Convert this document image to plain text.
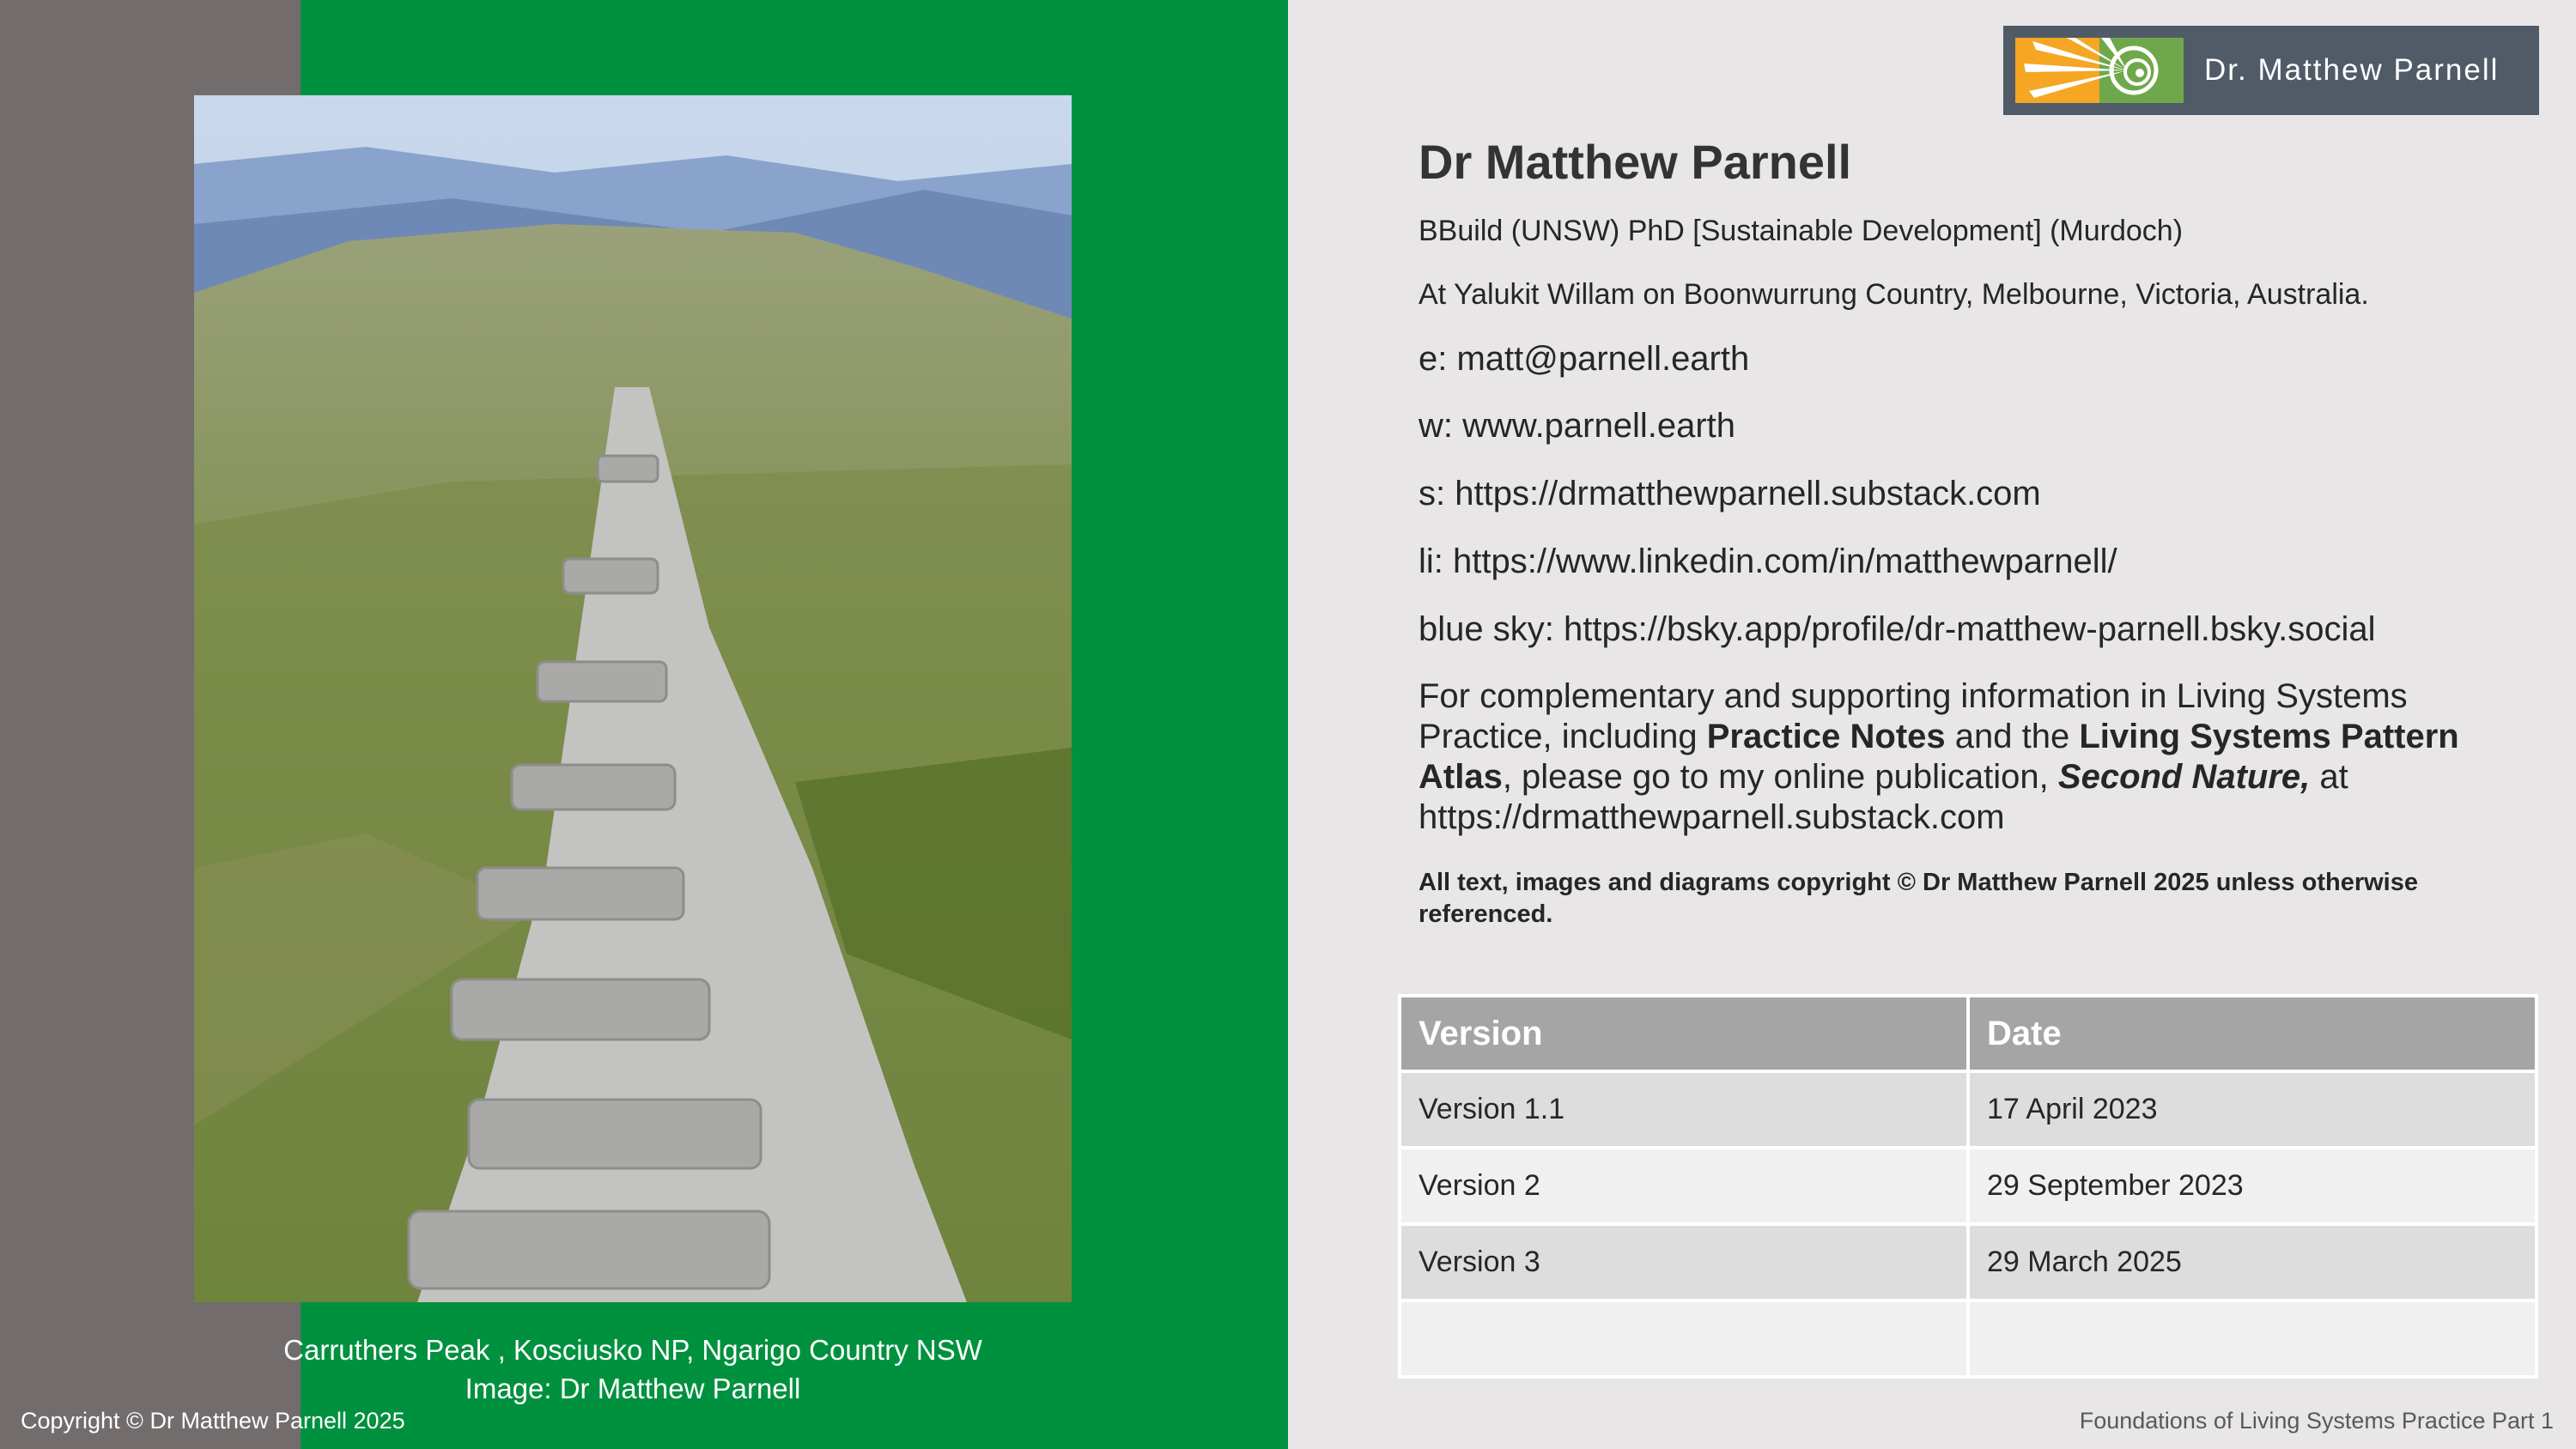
Carruthers Peak , Kosciusko NP, Ngarigo Country NSW
Image: Dr Matthew Parnell
Copyright © Dr Matthew Parnell 2025
Dr. Matthew Parnell
Dr Matthew Parnell
BBuild (UNSW) PhD [Sustainable Development] (Murdoch)
At Yalukit Willam on Boonwurrung Country, Melbourne, Victoria, Australia.
e: matt@parnell.earth
w: www.parnell.earth
s: https://drmatthewparnell.substack.com
li: https://www.linkedin.com/in/matthewparnell/
blue sky: https://bsky.app/profile/dr-matthew-parnell.bsky.social
For complementary and supporting information in Living Systems Practice, including Practice Notes and the Living Systems Pattern Atlas, please go to my online publication, Second Nature, at https://drmatthewparnell.substack.com
All text, images and diagrams copyright © Dr Matthew Parnell 2025 unless otherwise referenced.
Version	Date
Version 1.1	17 April 2023
Version 2	29 September 2023
Version 3	29 March 2025

Foundations of Living Systems Practice Part 1
